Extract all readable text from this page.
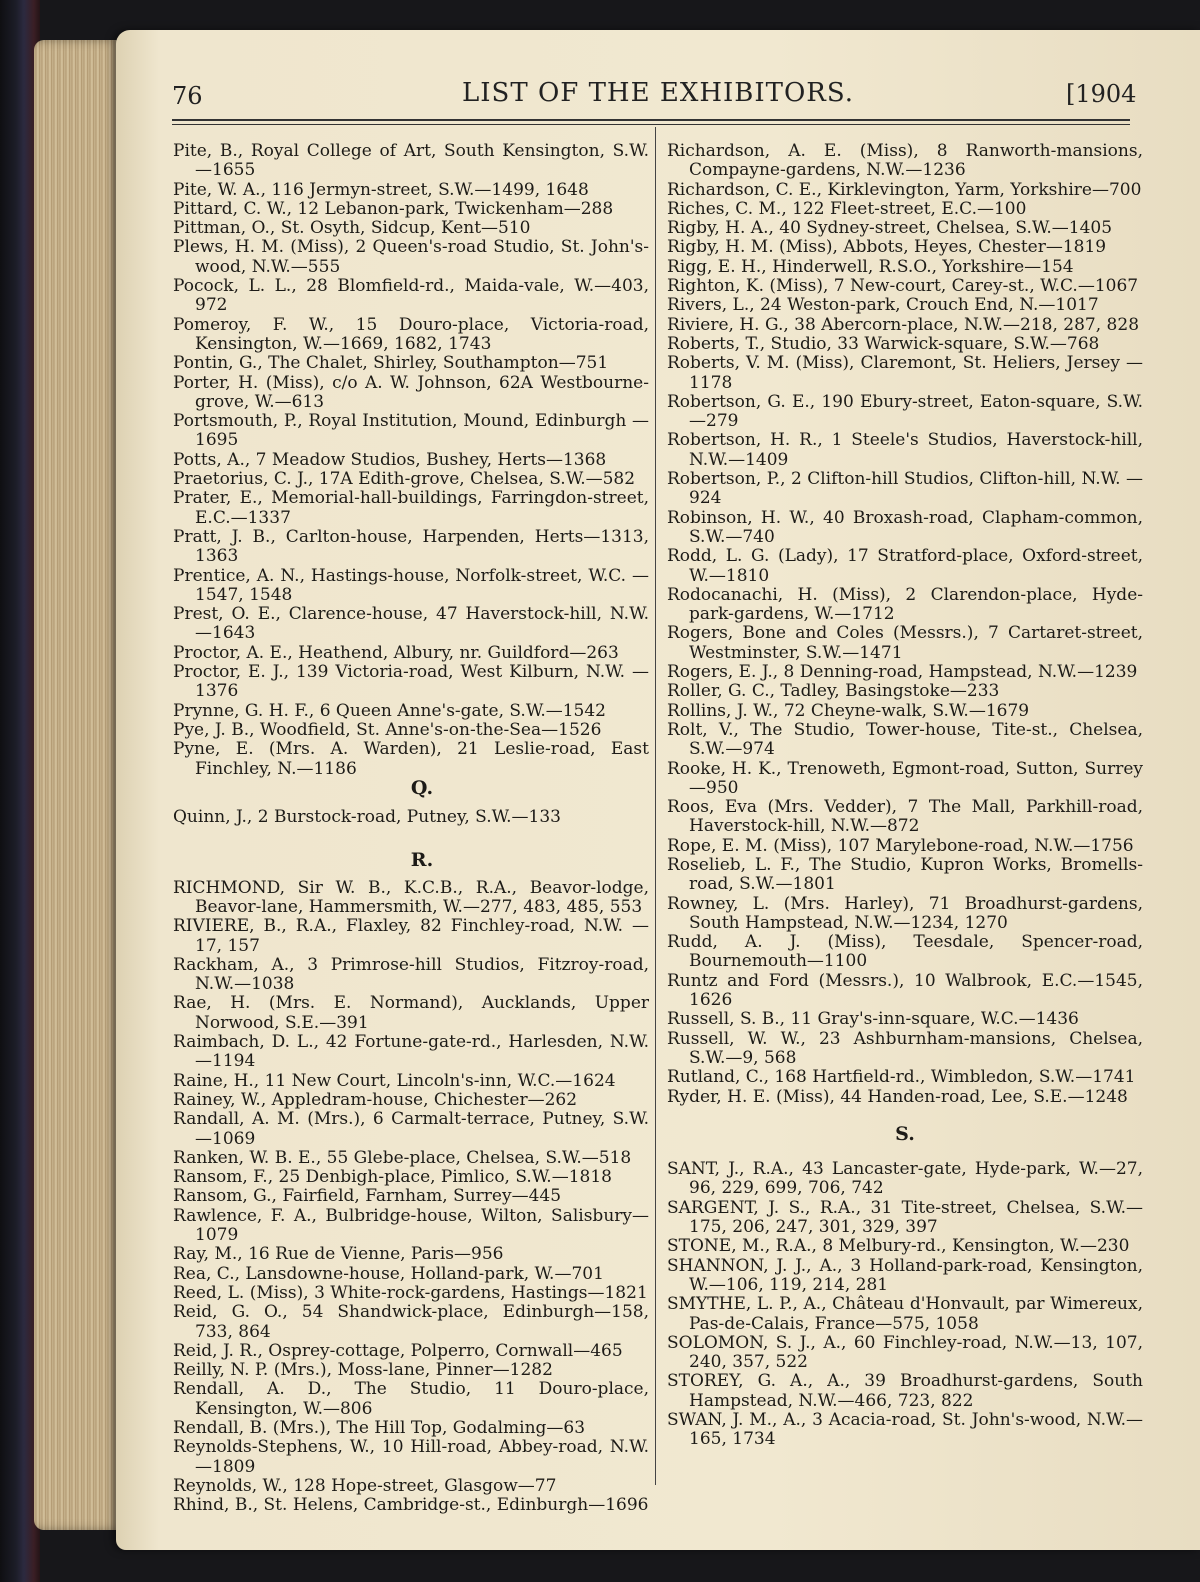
76	LIST OF THE EXHIBITORS.	[1904

Pite, B., Royal College of Art, South Kensington, S.W. —1655

Pite, W. A., 116 Jermyn-street, S.W.—1499, 1648

Pittard, C. W., 12 Lebanon-park, Twickenham—288

Pittman, O., St. Osyth, Sidcup, Kent—510

Plews, H. M. (Miss), 2 Queen's-road Studio, St. John's-wood, N.W.—555

Pocock, L. L., 28 Blomfield-rd., Maida-vale, W.—403, 972

Pomeroy, F. W., 15 Douro-place, Victoria-road, Kensington, W.—1669, 1682, 1743

Pontin, G., The Chalet, Shirley, Southampton—751

Porter, H. (Miss), c/o A. W. Johnson, 62A Westbourne-grove, W.—613

Portsmouth, P., Royal Institution, Mound, Edinburgh —1695

Potts, A., 7 Meadow Studios, Bushey, Herts—1368

Praetorius, C. J., 17A Edith-grove, Chelsea, S.W.—582

Prater, E., Memorial-hall-buildings, Farringdon-street, E.C.—1337

Pratt, J. B., Carlton-house, Harpenden, Herts—1313, 1363

Prentice, A. N., Hastings-house, Norfolk-street, W.C. —1547, 1548

Prest, O. E., Clarence-house, 47 Haverstock-hill, N.W. —1643

Proctor, A. E., Heathend, Albury, nr. Guildford—263

Proctor, E. J., 139 Victoria-road, West Kilburn, N.W. —1376

Prynne, G. H. F., 6 Queen Anne's-gate, S.W.—1542

Pye, J. B., Woodfield, St. Anne's-on-the-Sea—1526

Pyne, E. (Mrs. A. Warden), 21 Leslie-road, East Finchley, N.—1186

Q.

Quinn, J., 2 Burstock-road, Putney, S.W.—133

R.

RICHMOND, Sir W. B., K.C.B., R.A., Beavor-lodge, Beavor-lane, Hammersmith, W.—277, 483, 485, 553

RIVIERE, B., R.A., Flaxley, 82 Finchley-road, N.W. —17, 157

Rackham, A., 3 Primrose-hill Studios, Fitzroy-road, N.W.—1038

Rae, H. (Mrs. E. Normand), Aucklands, Upper Norwood, S.E.—391

Raimbach, D. L., 42 Fortune-gate-rd., Harlesden, N.W. —1194

Raine, H., 11 New Court, Lincoln's-inn, W.C.—1624

Rainey, W., Appledram-house, Chichester—262

Randall, A. M. (Mrs.), 6 Carmalt-terrace, Putney, S.W. —1069

Ranken, W. B. E., 55 Glebe-place, Chelsea, S.W.—518

Ransom, F., 25 Denbigh-place, Pimlico, S.W.—1818

Ransom, G., Fairfield, Farnham, Surrey—445

Rawlence, F. A., Bulbridge-house, Wilton, Salisbury—1079

Ray, M., 16 Rue de Vienne, Paris—956

Rea, C., Lansdowne-house, Holland-park, W.—701

Reed, L. (Miss), 3 White-rock-gardens, Hastings—1821

Reid, G. O., 54 Shandwick-place, Edinburgh—158, 733, 864

Reid, J. R., Osprey-cottage, Polperro, Cornwall—465

Reilly, N. P. (Mrs.), Moss-lane, Pinner—1282

Rendall, A. D., The Studio, 11 Douro-place, Kensington, W.—806

Rendall, B. (Mrs.), The Hill Top, Godalming—63

Reynolds-Stephens, W., 10 Hill-road, Abbey-road, N.W. —1809

Reynolds, W., 128 Hope-street, Glasgow—77

Rhind, B., St. Helens, Cambridge-st., Edinburgh—1696

Richardson, A. E. (Miss), 8 Ranworth-mansions, Compayne-gardens, N.W.—1236

Richardson, C. E., Kirklevington, Yarm, Yorkshire—700

Riches, C. M., 122 Fleet-street, E.C.—100

Rigby, H. A., 40 Sydney-street, Chelsea, S.W.—1405

Rigby, H. M. (Miss), Abbots, Heyes, Chester—1819

Rigg, E. H., Hinderwell, R.S.O., Yorkshire—154

Righton, K. (Miss), 7 New-court, Carey-st., W.C.—1067

Rivers, L., 24 Weston-park, Crouch End, N.—1017

Riviere, H. G., 38 Abercorn-place, N.W.—218, 287, 828

Roberts, T., Studio, 33 Warwick-square, S.W.—768

Roberts, V. M. (Miss), Claremont, St. Heliers, Jersey —1178

Robertson, G. E., 190 Ebury-street, Eaton-square, S.W.—279

Robertson, H. R., 1 Steele's Studios, Haverstock-hill, N.W.—1409

Robertson, P., 2 Clifton-hill Studios, Clifton-hill, N.W. —924

Robinson, H. W., 40 Broxash-road, Clapham-common, S.W.—740

Rodd, L. G. (Lady), 17 Stratford-place, Oxford-street, W.—1810

Rodocanachi, H. (Miss), 2 Clarendon-place, Hyde-park-gardens, W.—1712

Rogers, Bone and Coles (Messrs.), 7 Cartaret-street, Westminster, S.W.—1471

Rogers, E. J., 8 Denning-road, Hampstead, N.W.—1239

Roller, G. C., Tadley, Basingstoke—233

Rollins, J. W., 72 Cheyne-walk, S.W.—1679

Rolt, V., The Studio, Tower-house, Tite-st., Chelsea, S.W.—974

Rooke, H. K., Trenoweth, Egmont-road, Sutton, Surrey —950

Roos, Eva (Mrs. Vedder), 7 The Mall, Parkhill-road, Haverstock-hill, N.W.—872

Rope, E. M. (Miss), 107 Marylebone-road, N.W.—1756

Roselieb, L. F., The Studio, Kupron Works, Bromells-road, S.W.—1801

Rowney, L. (Mrs. Harley), 71 Broadhurst-gardens, South Hampstead, N.W.—1234, 1270

Rudd, A. J. (Miss), Teesdale, Spencer-road, Bournemouth—1100

Runtz and Ford (Messrs.), 10 Walbrook, E.C.—1545, 1626

Russell, S. B., 11 Gray's-inn-square, W.C.—1436

Russell, W. W., 23 Ashburnham-mansions, Chelsea, S.W.—9, 568

Rutland, C., 168 Hartfield-rd., Wimbledon, S.W.—1741

Ryder, H. E. (Miss), 44 Handen-road, Lee, S.E.—1248

S.

SANT, J., R.A., 43 Lancaster-gate, Hyde-park, W.—27, 96, 229, 699, 706, 742

SARGENT, J. S., R.A., 31 Tite-street, Chelsea, S.W.—175, 206, 247, 301, 329, 397

STONE, M., R.A., 8 Melbury-rd., Kensington, W.—230

SHANNON, J. J., A., 3 Holland-park-road, Kensington, W.—106, 119, 214, 281

SMYTHE, L. P., A., Château d'Honvault, par Wimereux, Pas-de-Calais, France—575, 1058

SOLOMON, S. J., A., 60 Finchley-road, N.W.—13, 107, 240, 357, 522

STOREY, G. A., A., 39 Broadhurst-gardens, South Hampstead, N.W.—466, 723, 822

SWAN, J. M., A., 3 Acacia-road, St. John's-wood, N.W.—165, 1734
